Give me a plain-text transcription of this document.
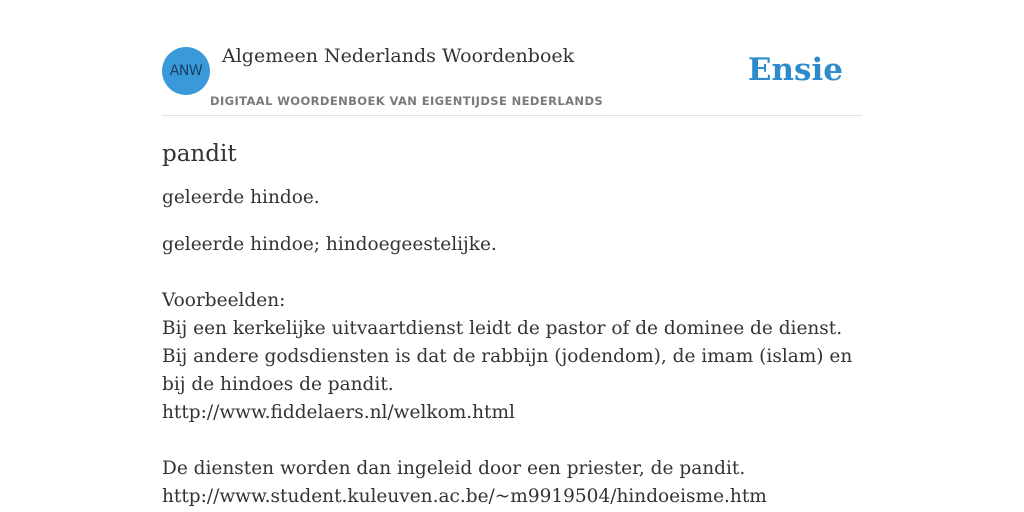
ANW
Algemeen Nederlands Woordenboek
DIGITAAL WOORDENBOEK VAN EIGENTIJDSE NEDERLANDS
Ensie
pandit

geleerde hindoe.

geleerde hindoe; hindoegeestelijke.

Voorbeelden:

Bij een kerkelijke uitvaartdienst leidt de pastor of de dominee de dienst. Bij andere godsdiensten is dat de rabbijn (jodendom), de imam (islam) en bij de hindoes de pandit.

http://www.fiddelaers.nl/welkom.html

De diensten worden dan ingeleid door een priester, de pandit.

http://www.student.kuleuven.ac.be/~m9919504/hindoeisme.htm
